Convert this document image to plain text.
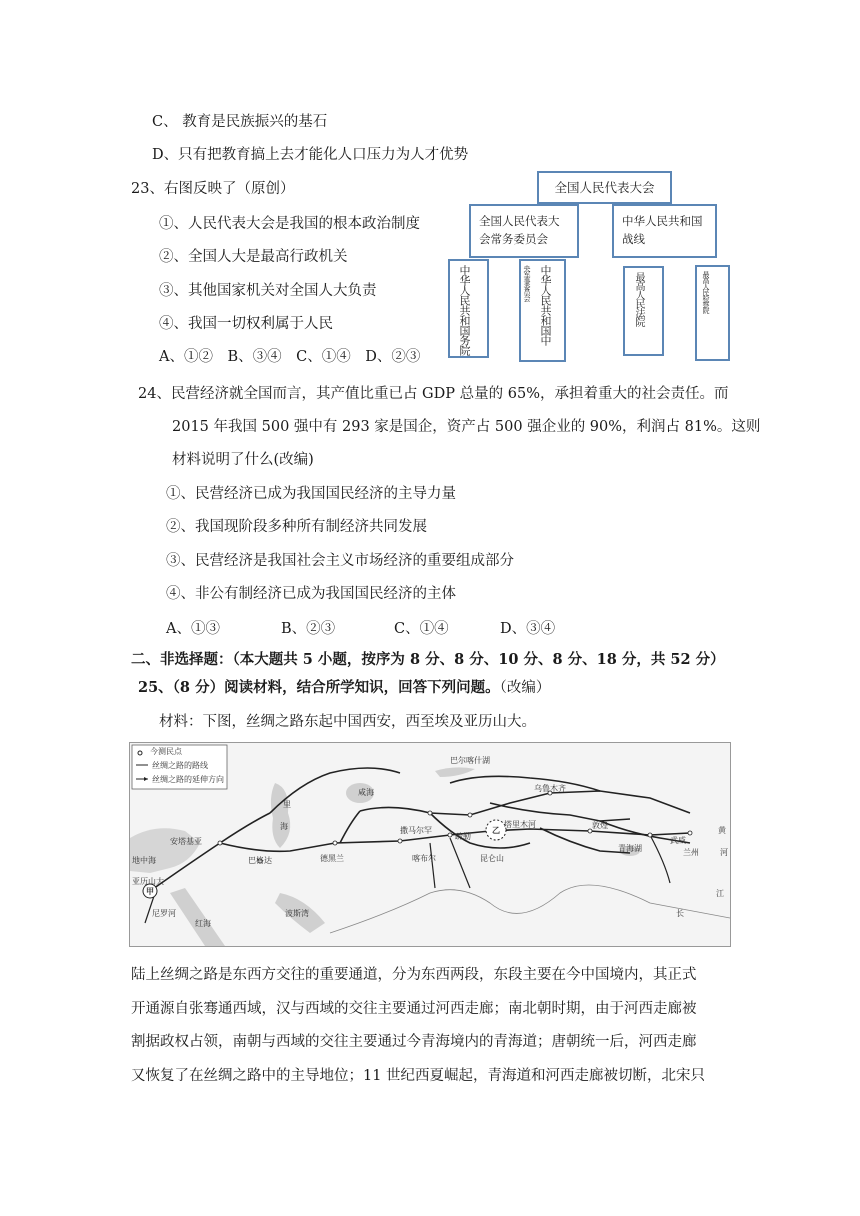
C、 教育是民族振兴的基石
D、只有把教育搞上去才能化人口压力为人才优势
23、右图反映了（原创）
①、人民代表大会是我国的根本政治制度
②、全国人大是最高行政机关
③、其他国家机关对全国人大负责
④、我国一切权利属于人民
A、①②　B、③④　C、①④　D、②③
全国人民代表大会
全国人民代表大会常务委员会
中华人民共和国战线
中华人民共和国务院	央军事委员会 中华人民共和国中	最高人民法院	最高人民检察院
24、民营经济就全国而言，其产值比重已占 GDP 总量的 65%，承担着重大的社会责任。而
2015 年我国 500 强中有 293 家是国企，资产占 500 强企业的 90%，利润占 81%。这则
材料说明了什么(改编)
①、民营经济已成为我国国民经济的主导力量
②、我国现阶段多种所有制经济共同发展
③、民营经济是我国社会主义市场经济的重要组成部分
④、非公有制经济已成为我国国民经济的主体
A、①③	B、②③	C、①④	D、③④
二、非选择题：（本大题共 5 小题，按序为 8 分、8 分、10 分、8 分、18 分，共 52 分）
25、（8 分）阅读材料，结合所学知识，回答下列问题。（改编）
材料：下图，丝绸之路东起中国西安，西至埃及亚历山大。
今测民点
丝绸之路的路线
丝绸之路的延伸方向
巴尔喀什湖
咸海	乌鲁木齐
里
海	撒马尔罕
疏勒
塔里木河	敦煌
武威
兰州
安塔基亚
巴格达	德黑兰	喀布尔	昆仑山
长
江
黄
河
青海湖
地中海
亚历山大
尼罗河
红海
波斯湾
乙
甲
陆上丝绸之路是东西方交往的重要通道，分为东西两段，东段主要在今中国境内，其正式
开通源自张骞通西域，汉与西域的交往主要通过河西走廊；南北朝时期，由于河西走廊被
割据政权占领，南朝与西域的交往主要通过今青海境内的青海道；唐朝统一后，河西走廊
又恢复了在丝绸之路中的主导地位；11 世纪西夏崛起，青海道和河西走廊被切断，北宋只
